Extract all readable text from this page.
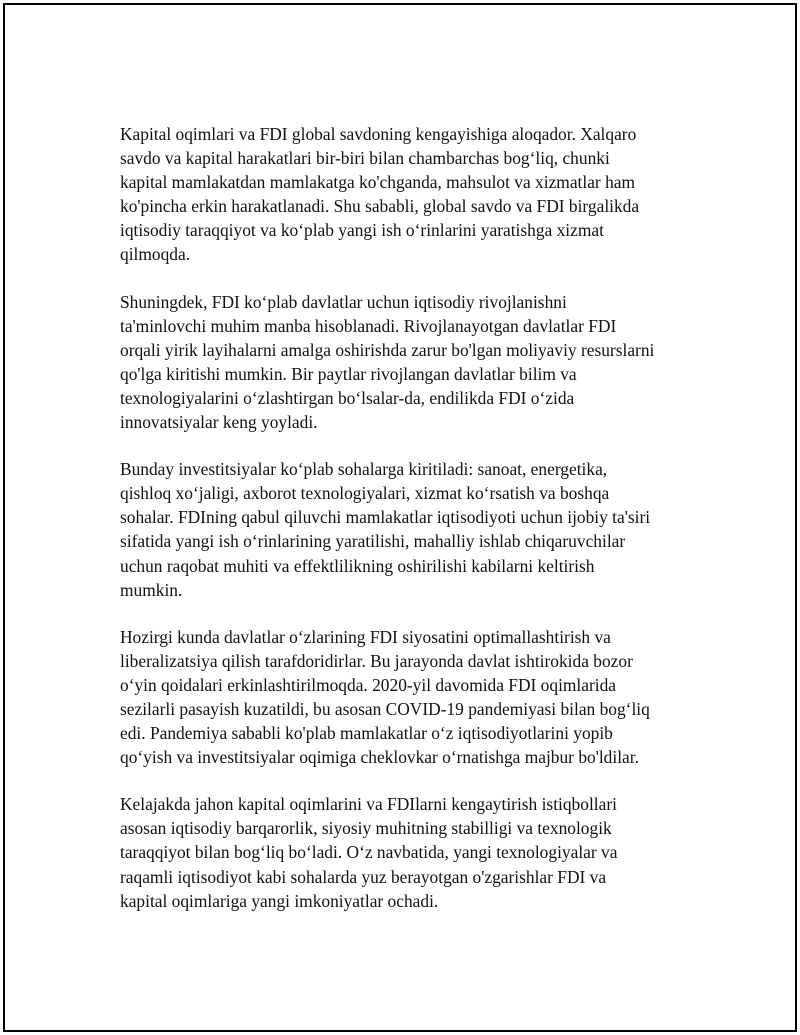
Kapital oqimlari va FDI global savdoning kengayishiga aloqador. Xalqaro
savdo va kapital harakatlari bir-biri bilan chambarchas bog‘liq, chunki
kapital mamlakatdan mamlakatga ko'chganda, mahsulot va xizmatlar ham
ko'pincha erkin harakatlanadi. Shu sababli, global savdo va FDI birgalikda
iqtisodiy taraqqiyot va ko‘plab yangi ish o‘rinlarini yaratishga xizmat
qilmoqda.

Shuningdek, FDI ko‘plab davlatlar uchun iqtisodiy rivojlanishni
ta'minlovchi muhim manba hisoblanadi. Rivojlanayotgan davlatlar FDI
orqali yirik layihalarni amalga oshirishda zarur bo'lgan moliyaviy resurslarni
qo'lga kiritishi mumkin. Bir paytlar rivojlangan davlatlar bilim va
texnologiyalarini o‘zlashtirgan bo‘lsalar-da, endilikda FDI o‘zida
innovatsiyalar keng yoyladi.

Bunday investitsiyalar ko‘plab sohalarga kiritiladi: sanoat, energetika,
qishloq xo‘jaligi, axborot texnologiyalari, xizmat ko‘rsatish va boshqa
sohalar. FDIning qabul qiluvchi mamlakatlar iqtisodiyoti uchun ijobiy ta'siri
sifatida yangi ish o‘rinlarining yaratilishi, mahalliy ishlab chiqaruvchilar
uchun raqobat muhiti va effektlilikning oshirilishi kabilarni keltirish
mumkin.

Hozirgi kunda davlatlar o‘zlarining FDI siyosatini optimallashtirish va
liberalizatsiya qilish tarafdoridirlar. Bu jarayonda davlat ishtirokida bozor
o‘yin qoidalari erkinlashtirilmoqda. 2020-yil davomida FDI oqimlarida
sezilarli pasayish kuzatildi, bu asosan COVID-19 pandemiyasi bilan bog‘liq
edi. Pandemiya sababli ko'plab mamlakatlar o‘z iqtisodiyotlarini yopib
qo‘yish va investitsiyalar oqimiga cheklovkar o‘rnatishga majbur bo'ldilar.

Kelajakda jahon kapital oqimlarini va FDIlarni kengaytirish istiqbollari
asosan iqtisodiy barqarorlik, siyosiy muhitning stabilligi va texnologik
taraqqiyot bilan bog‘liq bo‘ladi. O‘z navbatida, yangi texnologiyalar va
raqamli iqtisodiyot kabi sohalarda yuz berayotgan o'zgarishlar FDI va
kapital oqimlariga yangi imkoniyatlar ochadi.
